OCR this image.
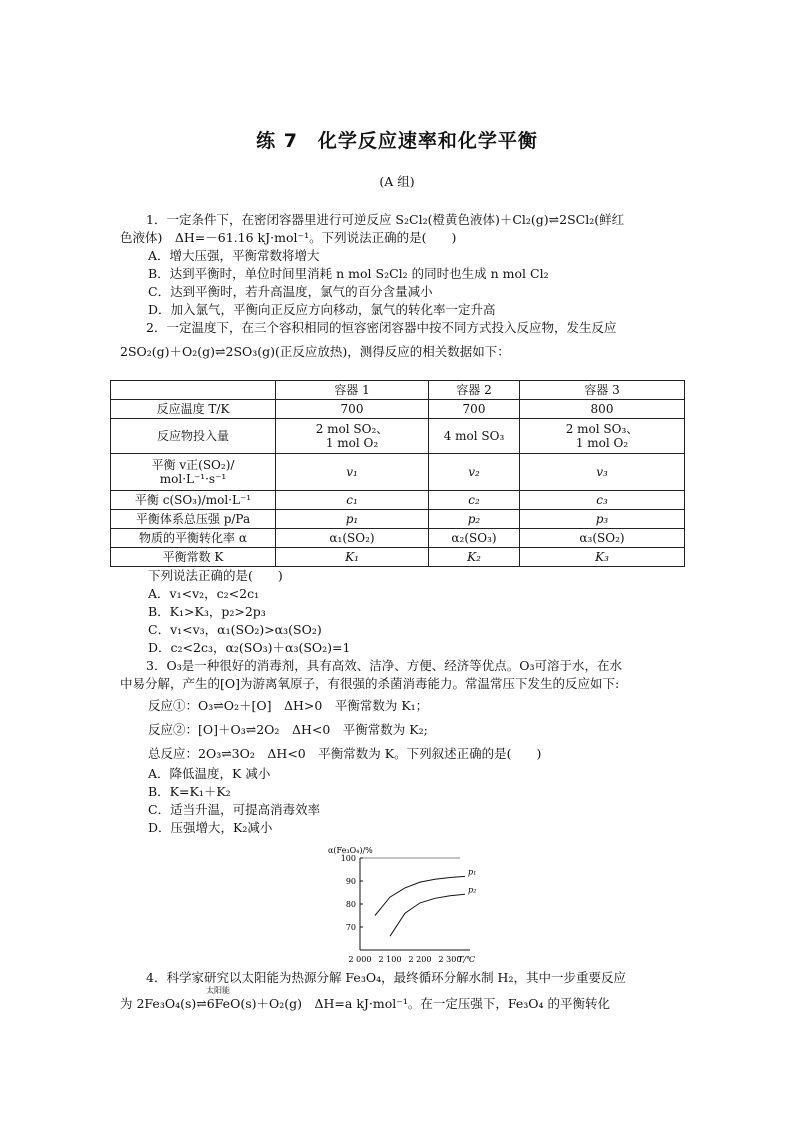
练 7　化学反应速率和化学平衡
(A 组)
1．一定条件下，在密闭容器里进行可逆反应 S₂Cl₂(橙黄色液体)＋Cl₂(g)⇌2SCl₂(鲜红
色液体)　ΔH=－61.16 kJ·mol⁻¹。下列说法正确的是(　　)
A．增大压强，平衡常数将增大
B．达到平衡时，单位时间里消耗 n mol S₂Cl₂ 的同时也生成 n mol Cl₂
C．达到平衡时，若升高温度，氯气的百分含量减小
D．加入氯气，平衡向正反应方向移动，氯气的转化率一定升高
2．一定温度下，在三个容积相同的恒容密闭容器中按不同方式投入反应物，发生反应
2SO₂(g)＋O₂(g)⇌2SO₃(g)(正反应放热)，测得反应的相关数据如下：
	容器 1	容器 2	容器 3
反应温度 T/K	700	700	800
反应物投入量	2 mol SO₂、
1 mol O₂	4 mol SO₃	2 mol SO₃、
1 mol O₂
平衡 v正(SO₂)/
mol·L⁻¹·s⁻¹	v₁	v₂	v₃
平衡 c(SO₃)/mol·L⁻¹	c₁	c₂	c₃
平衡体系总压强 p/Pa	p₁	p₂	p₃
物质的平衡转化率 α	α₁(SO₂)	α₂(SO₃)	α₃(SO₂)
平衡常数 K	K₁	K₂	K₃
下列说法正确的是(　　)
A．v₁<v₂，c₂<2c₁
B．K₁>K₃，p₂>2p₃
C．v₁<v₃，α₁(SO₂)>α₃(SO₂)
D．c₂<2c₃，α₂(SO₃)＋α₃(SO₂)=1
3．O₃是一种很好的消毒剂，具有高效、洁净、方便、经济等优点。O₃可溶于水，在水
中易分解，产生的[O]为游离氧原子，有很强的杀菌消毒能力。常温常压下发生的反应如下:
反应①：O₃⇌O₂＋[O]　ΔH>0　平衡常数为 K₁；
反应②：[O]＋O₃⇌2O₂　ΔH<0　平衡常数为 K₂;
总反应：2O₃⇌3O₂　ΔH<0　平衡常数为 K。下列叙述正确的是(　　)
A．降低温度，K 减小
B．K=K₁＋K₂
C．适当升温，可提高消毒效率
D．压强增大，K₂减小
α(Fe₃O₄)/%
100
90
80
70
2 000 2 100 2 200 2 300
T/℃
p₁
p₂
4．科学家研究以太阳能为热源分解 Fe₃O₄，最终循环分解水制 H₂，其中一步重要反应
太阳能
为 2Fe₃O₄(s)⇌6FeO(s)＋O₂(g)　ΔH=a kJ·mol⁻¹。在一定压强下，Fe₃O₄ 的平衡转化
